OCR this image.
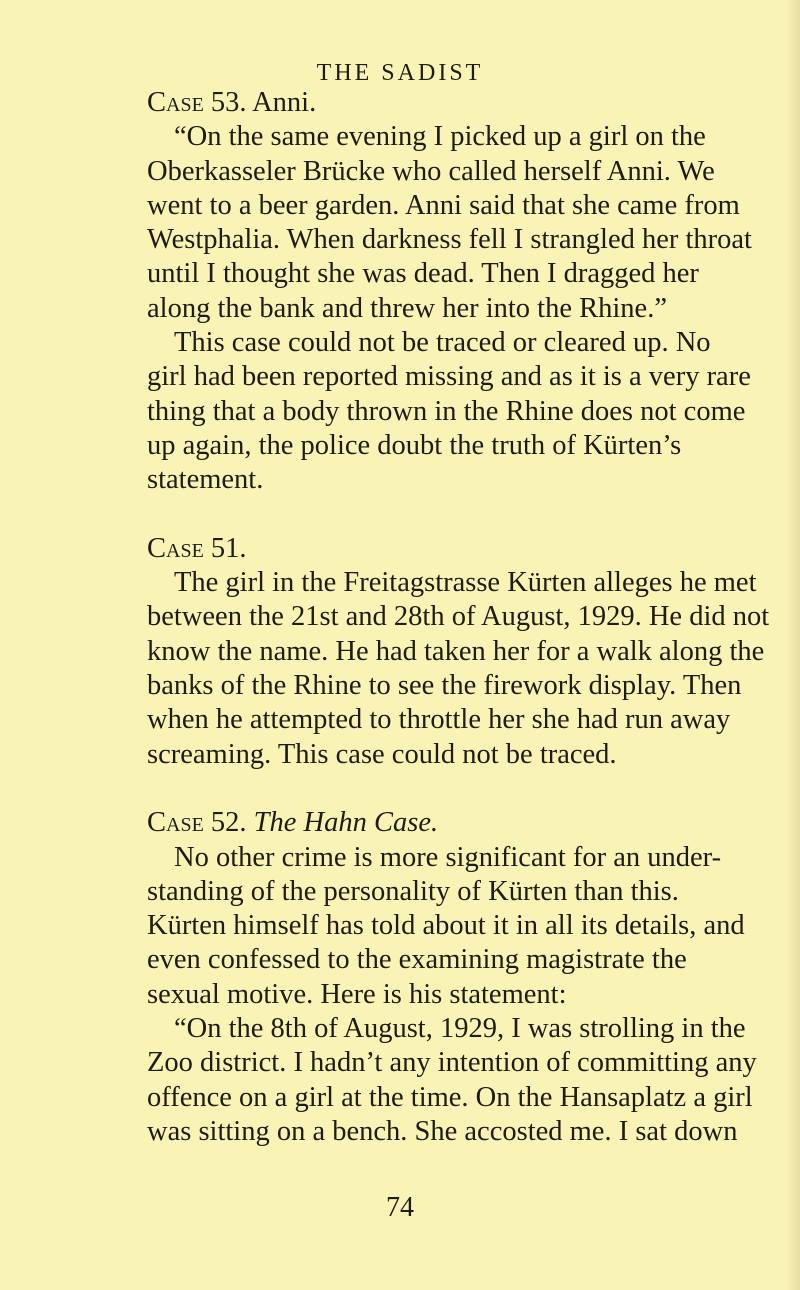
THE SADIST
Case 53. Anni.
“On the same evening I picked up a girl on the
Oberkasseler Brücke who called herself Anni. We
went to a beer garden. Anni said that she came from
Westphalia. When darkness fell I strangled her throat
until I thought she was dead. Then I dragged her
along the bank and threw her into the Rhine.”
This case could not be traced or cleared up. No
girl had been reported missing and as it is a very rare
thing that a body thrown in the Rhine does not come
up again, the police doubt the truth of Kürten’s
statement.
Case 51.
The girl in the Freitagstrasse Kürten alleges he met
between the 21st and 28th of August, 1929. He did not
know the name. He had taken her for a walk along the
banks of the Rhine to see the firework display. Then
when he attempted to throttle her she had run away
screaming. This case could not be traced.
Case 52. The Hahn Case.
No other crime is more significant for an under-
standing of the personality of Kürten than this.
Kürten himself has told about it in all its details, and
even confessed to the examining magistrate the
sexual motive. Here is his statement:
“On the 8th of August, 1929, I was strolling in the
Zoo district. I hadn’t any intention of committing any
offence on a girl at the time. On the Hansaplatz a girl
was sitting on a bench. She accosted me. I sat down
74
